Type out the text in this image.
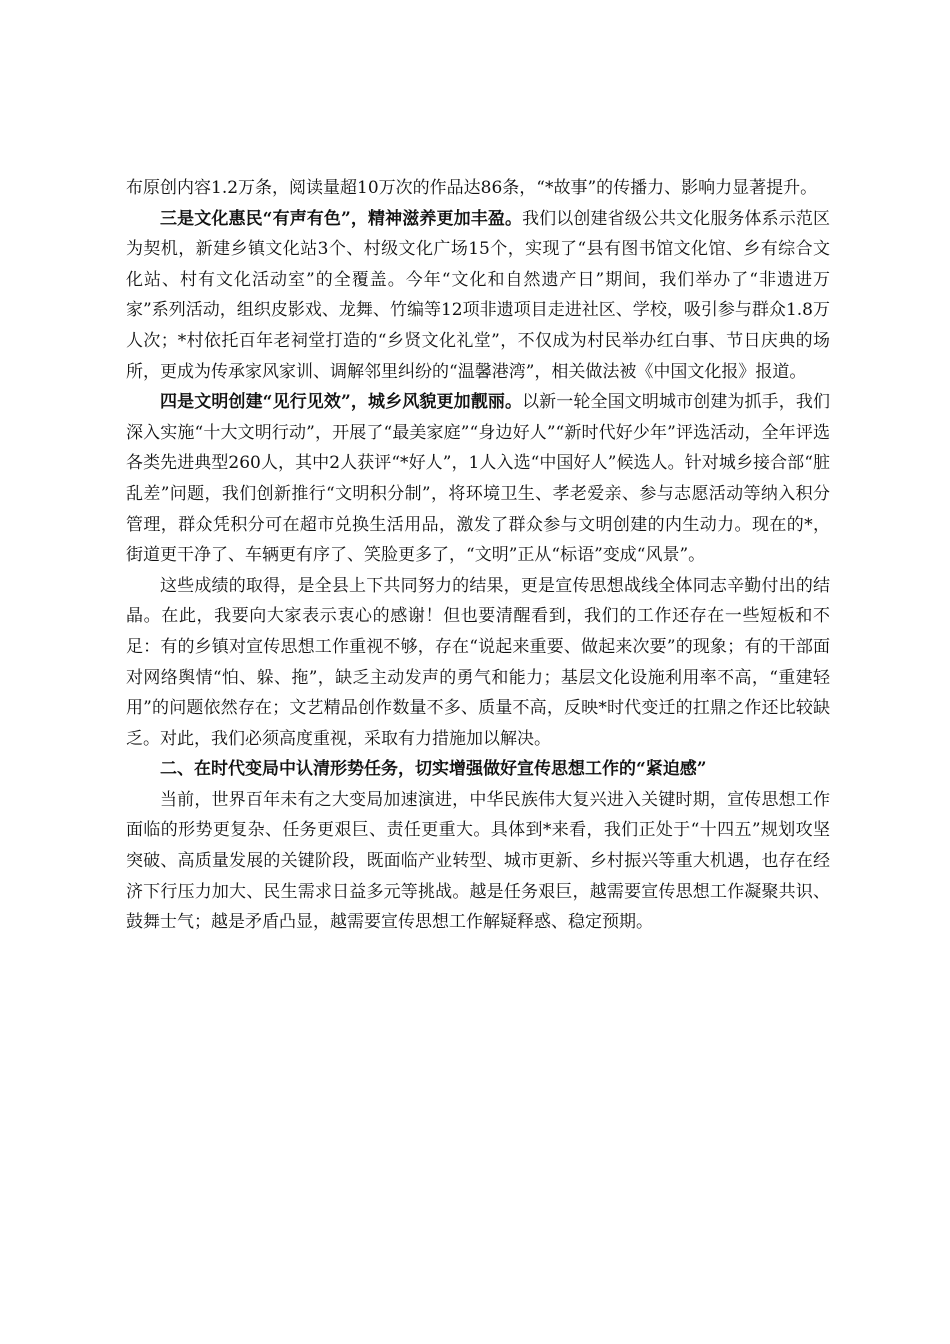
布原创内容1.2万条，阅读量超10万次的作品达86条，“*故事”的传播力、影响力显著提升。

三是文化惠民“有声有色”，精神滋养更加丰盈。我们以创建省级公共文化服务体系示范区为契机，新建乡镇文化站3个、村级文化广场15个，实现了“县有图书馆文化馆、乡有综合文化站、村有文化活动室”的全覆盖。今年“文化和自然遗产日”期间，我们举办了“非遗进万家”系列活动，组织皮影戏、龙舞、竹编等12项非遗项目走进社区、学校，吸引参与群众1.8万人次；*村依托百年老祠堂打造的“乡贤文化礼堂”，不仅成为村民举办红白事、节日庆典的场所，更成为传承家风家训、调解邻里纠纷的“温馨港湾”，相关做法被《中国文化报》报道。

四是文明创建“见行见效”，城乡风貌更加靓丽。以新一轮全国文明城市创建为抓手，我们深入实施“十大文明行动”，开展了“最美家庭”“身边好人”“新时代好少年”评选活动，全年评选各类先进典型260人，其中2人获评“*好人”，1人入选“中国好人”候选人。针对城乡接合部“脏乱差”问题，我们创新推行“文明积分制”，将环境卫生、孝老爱亲、参与志愿活动等纳入积分管理，群众凭积分可在超市兑换生活用品，激发了群众参与文明创建的内生动力。现在的*，街道更干净了、车辆更有序了、笑脸更多了，“文明”正从“标语”变成“风景”。

这些成绩的取得，是全县上下共同努力的结果，更是宣传思想战线全体同志辛勤付出的结晶。在此，我要向大家表示衷心的感谢！但也要清醒看到，我们的工作还存在一些短板和不足：有的乡镇对宣传思想工作重视不够，存在“说起来重要、做起来次要”的现象；有的干部面对网络舆情“怕、躲、拖”，缺乏主动发声的勇气和能力；基层文化设施利用率不高，“重建轻用”的问题依然存在；文艺精品创作数量不多、质量不高，反映*时代变迁的扛鼎之作还比较缺乏。对此，我们必须高度重视，采取有力措施加以解决。

二、在时代变局中认清形势任务，切实增强做好宣传思想工作的“紧迫感”

当前，世界百年未有之大变局加速演进，中华民族伟大复兴进入关键时期，宣传思想工作面临的形势更复杂、任务更艰巨、责任更重大。具体到*来看，我们正处于“十四五”规划攻坚突破、高质量发展的关键阶段，既面临产业转型、城市更新、乡村振兴等重大机遇，也存在经济下行压力加大、民生需求日益多元等挑战。越是任务艰巨，越需要宣传思想工作凝聚共识、鼓舞士气；越是矛盾凸显，越需要宣传思想工作解疑释惑、稳定预期。
